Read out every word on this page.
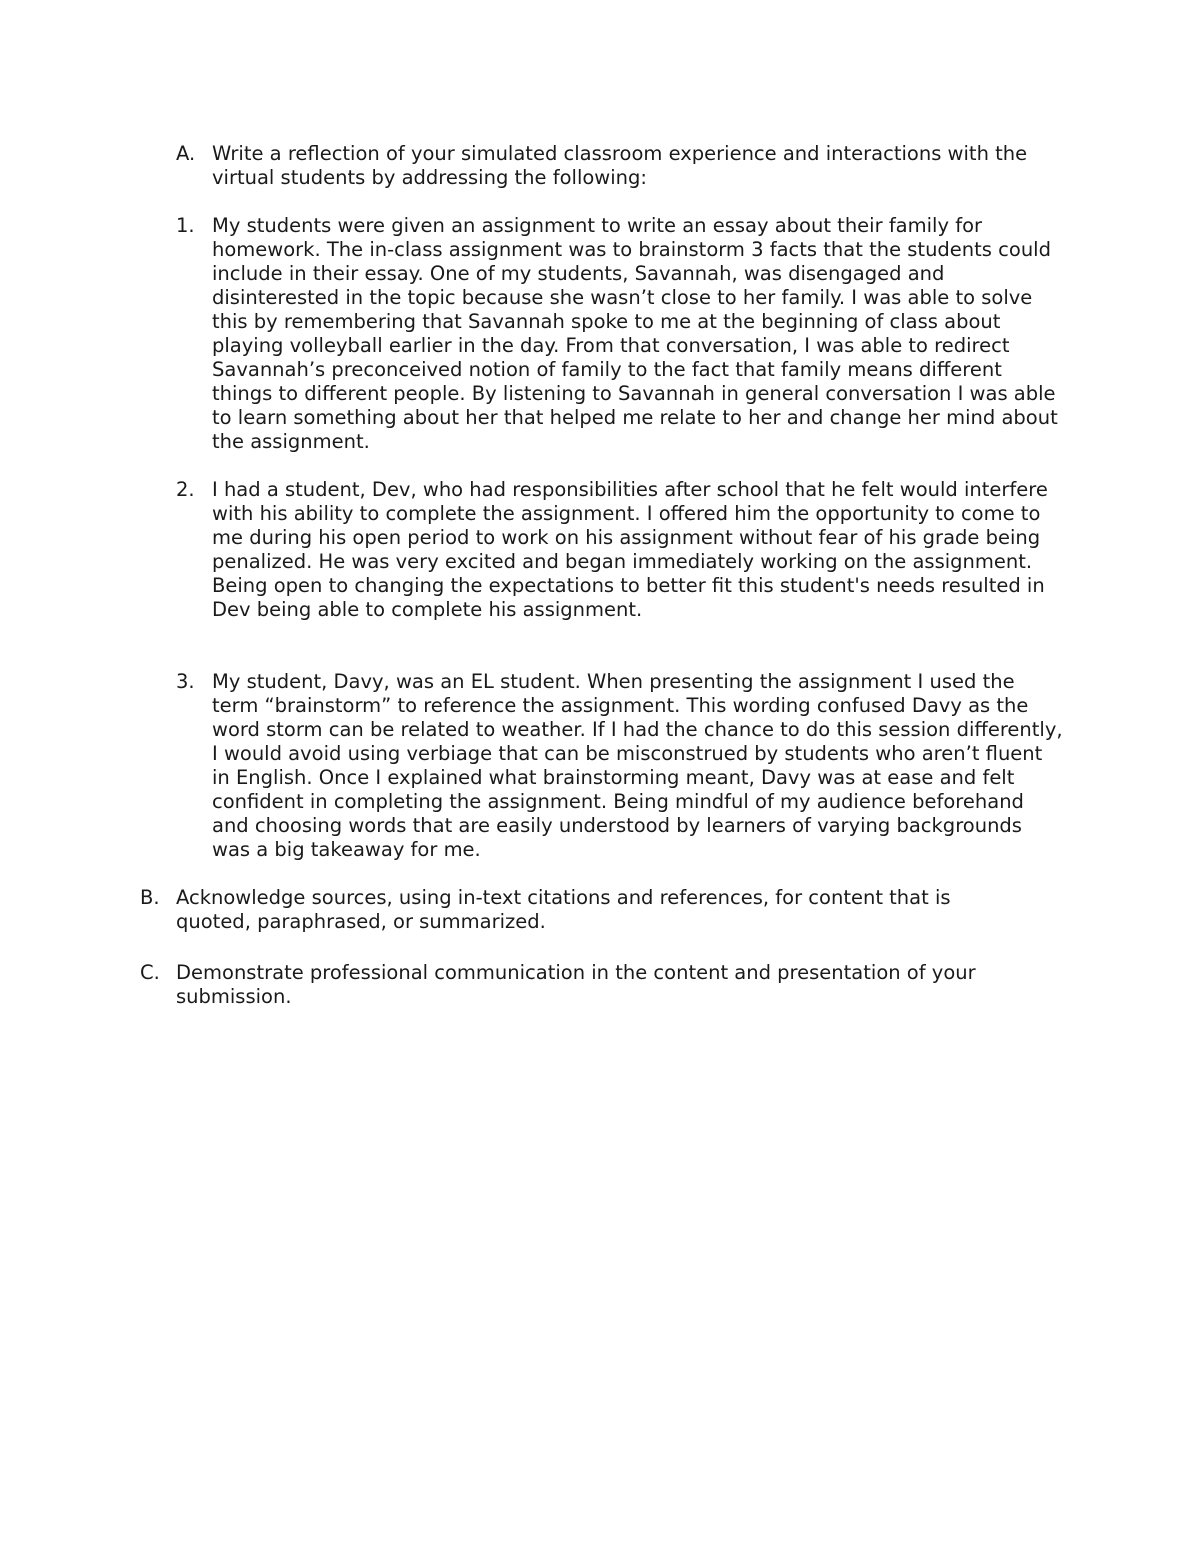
A. Write a reflection of your simulated classroom experience and interactions with the virtual students by addressing the following:
1. My students were given an assignment to write an essay about their family for homework. The in-class assignment was to brainstorm 3 facts that the students could include in their essay. One of my students, Savannah, was disengaged and disinterested in the topic because she wasn’t close to her family. I was able to solve this by remembering that Savannah spoke to me at the beginning of class about playing volleyball earlier in the day. From that conversation, I was able to redirect Savannah’s preconceived notion of family to the fact that family means different things to different people. By listening to Savannah in general conversation I was able to learn something about her that helped me relate to her and change her mind about the assignment.
2. I had a student, Dev, who had responsibilities after school that he felt would interfere with his ability to complete the assignment. I offered him the opportunity to come to me during his open period to work on his assignment without fear of his grade being penalized. He was very excited and began immediately working on the assignment. Being open to changing the expectations to better fit this student's needs resulted in Dev being able to complete his assignment.
3. My student, Davy, was an EL student. When presenting the assignment I used the term “brainstorm” to reference the assignment. This wording confused Davy as the word storm can be related to weather. If I had the chance to do this session differently, I would avoid using verbiage that can be misconstrued by students who aren’t fluent in English. Once I explained what brainstorming meant, Davy was at ease and felt confident in completing the assignment. Being mindful of my audience beforehand and choosing words that are easily understood by learners of varying backgrounds was a big takeaway for me.
B. Acknowledge sources, using in-text citations and references, for content that is quoted, paraphrased, or summarized.
C. Demonstrate professional communication in the content and presentation of your submission.
